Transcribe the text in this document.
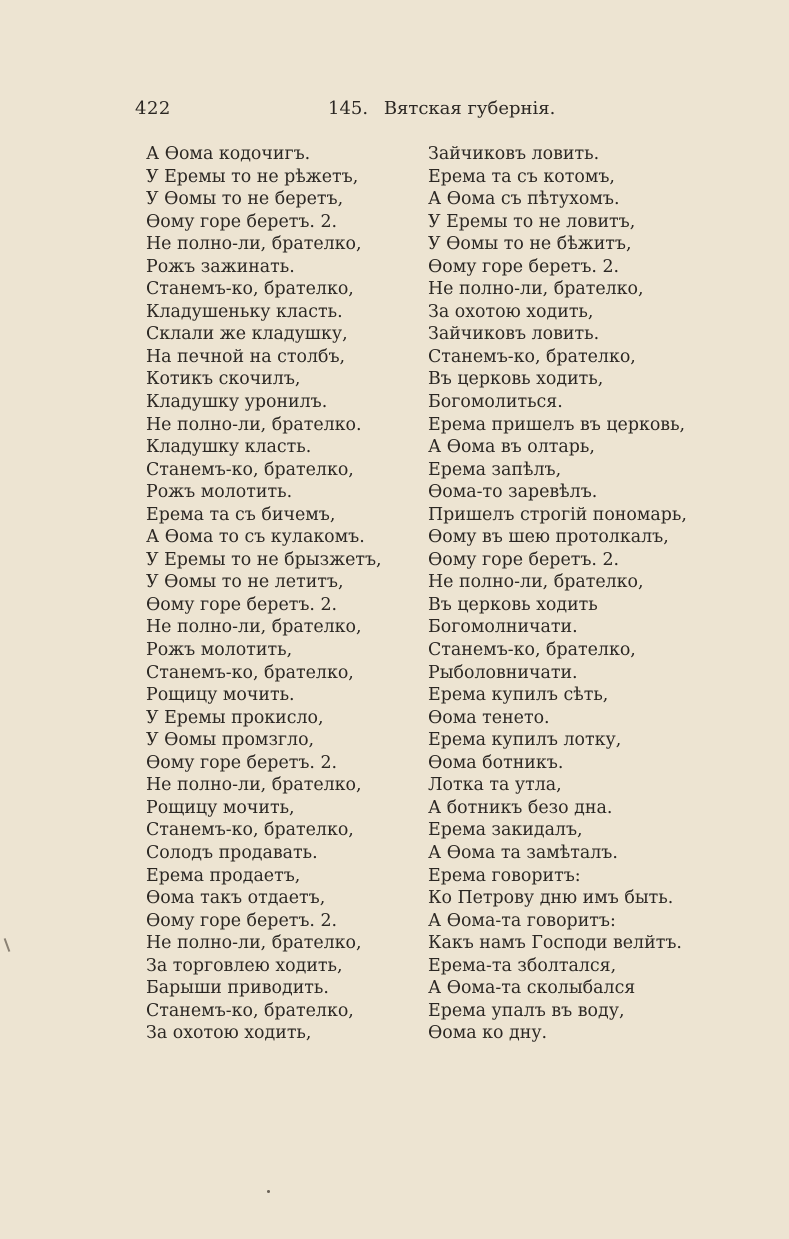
422	145. Вятская губернія.
А Ѳома кодочигъ.
У Еремы то не рѣжетъ,
У Ѳомы то не беретъ,
Ѳому горе беретъ. 2.
Не полно-ли, брателко,
Рожъ зажинать.
Станемъ-ко, брателко,
Кладушеньку класть.
Склали же кладушку,
На печной на столбъ,
Котикъ скочилъ,
Кладушку уронилъ.
Не полно-ли, брателко.
Кладушку класть.
Станемъ-ко, брателко,
Рожъ молотить.
Ерема та съ бичемъ,
А Ѳома то съ кулакомъ.
У Еремы то не брызжетъ,
У Ѳомы то не летитъ,
Ѳому горе беретъ. 2.
Не полно-ли, брателко,
Рожъ молотить,
Станемъ-ко, брателко,
Рощицу мочить.
У Еремы прокисло,
У Ѳомы промзгло,
Ѳому горе беретъ. 2.
Не полно-ли, брателко,
Рощицу мочить,
Станемъ-ко, брателко,
Солодъ продавать.
Ерема продаетъ,
Ѳома такъ отдаетъ,
Ѳому горе беретъ. 2.
Не полно-ли, брателко,
За торговлею ходить,
Барыши приводить.
Станемъ-ко, брателко,
За охотою ходить,
Зайчиковъ ловить.
Ерема та съ котомъ,
А Ѳома съ пѣтухомъ.
У Еремы то не ловитъ,
У Ѳомы то не бѣжитъ,
Ѳому горе беретъ. 2.
Не полно-ли, брателко,
За охотою ходить,
Зайчиковъ ловить.
Станемъ-ко, брателко,
Въ церковь ходить,
Богомолиться.
Ерема пришелъ въ церковь,
А Ѳома въ олтарь,
Ерема запѣлъ,
Ѳома-то заревѣлъ.
Пришелъ строгій пономарь,
Ѳому въ шею протолкалъ,
Ѳому горе беретъ. 2.
Не полно-ли, брателко,
Въ церковь ходить
Богомолничати.
Станемъ-ко, брателко,
Рыболовничати.
Ерема купилъ сѣть,
Ѳома тенето.
Ерема купилъ лотку,
Ѳома ботникъ.
Лотка та утла,
А ботникъ безо дна.
Ерема закидалъ,
А Ѳома та замѣталъ.
Ерема говоритъ:
Ко Петрову дню имъ быть.
А Ѳома-та говоритъ:
Какъ намъ Господи велйтъ.
Ерема-та зболтался,
А Ѳома-та сколыбался
Ерема упалъ въ воду,
Ѳома ко дну.
